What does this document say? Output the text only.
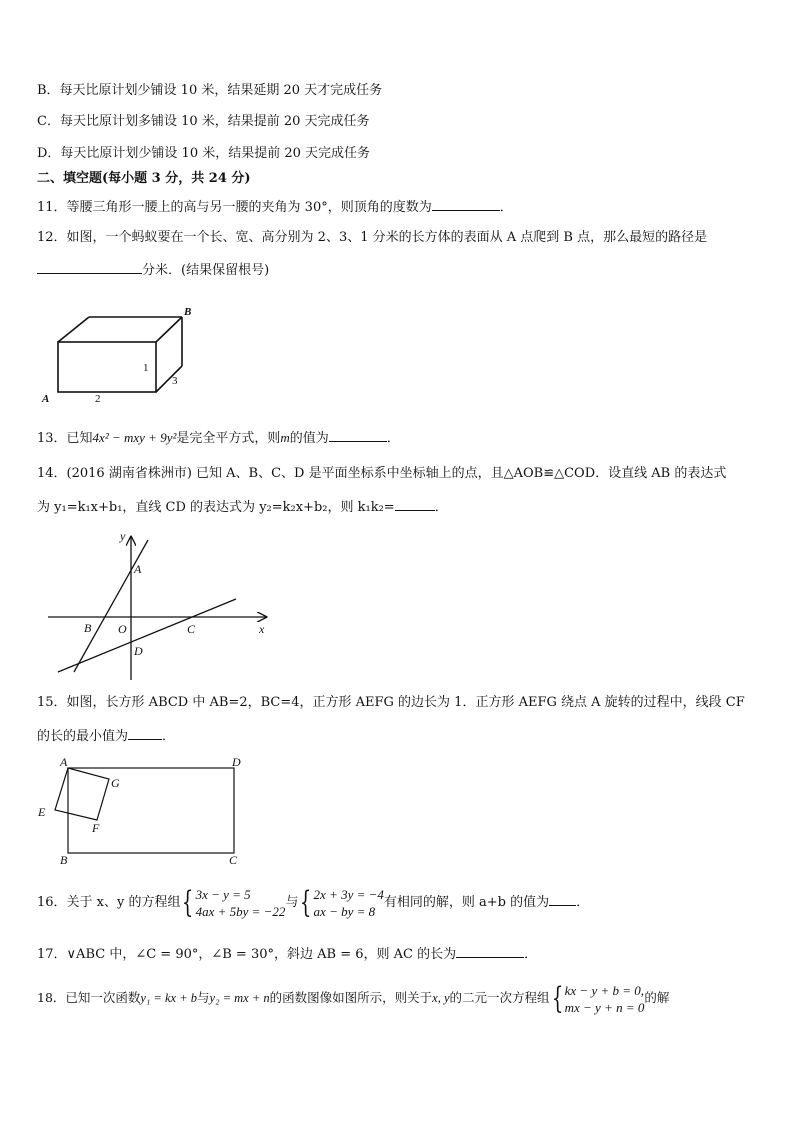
B．每天比原计划少铺设 10 米，结果延期 20 天才完成任务
C．每天比原计划多铺设 10 米，结果提前 20 天完成任务
D．每天比原计划少铺设 10 米，结果提前 20 天完成任务
二、填空题(每小题 3 分，共 24 分)
11．等腰三角形一腰上的高与另一腰的夹角为 30°，则顶角的度数为	．
12．如图，一个蚂蚁要在一个长、宽、高分别为 2、3、1 分米的长方体的表面从 A 点爬到 B 点，那么最短的路径是
分米．(结果保留根号)
A
B
2
3
1
13．已知4x² − mxy + 9y²是完全平方式，则m的值为	．
14．(2016 湖南省株洲市) 已知 A、B、C、D 是平面坐标系中坐标轴上的点，且△AOB≌△COD．设直线 AB 的表达式
为 y₁=k₁x+b₁，直线 CD 的表达式为 y₂=k₂x+b₂，则 k₁k₂=	．
y
x
A
B O	C
D
15．如图，长方形 ABCD 中 AB=2，BC=4，正方形 AEFG 的边长为 1．正方形 AEFG 绕点 A 旋转的过程中，线段 CF
的长的最小值为	．
A	D
B	C
E
F
G
16．关于 x、y 的方程组{ 3x − y = 5
4ax + 5by = −22与{ 2x + 3y = −4
ax − by = 8有相同的解，则 a+b 的值为 ．
17．∨ABC 中，∠C = 90°，∠B = 30°，斜边 AB = 6，则 AC 的长为	．
18．已知一次函数y₁ = kx + b与y₂ = mx + n的函数图像如图所示，则关于x, y的二元一次方程组{ kx − y + b = 0,
mx − y + n = 0的解
